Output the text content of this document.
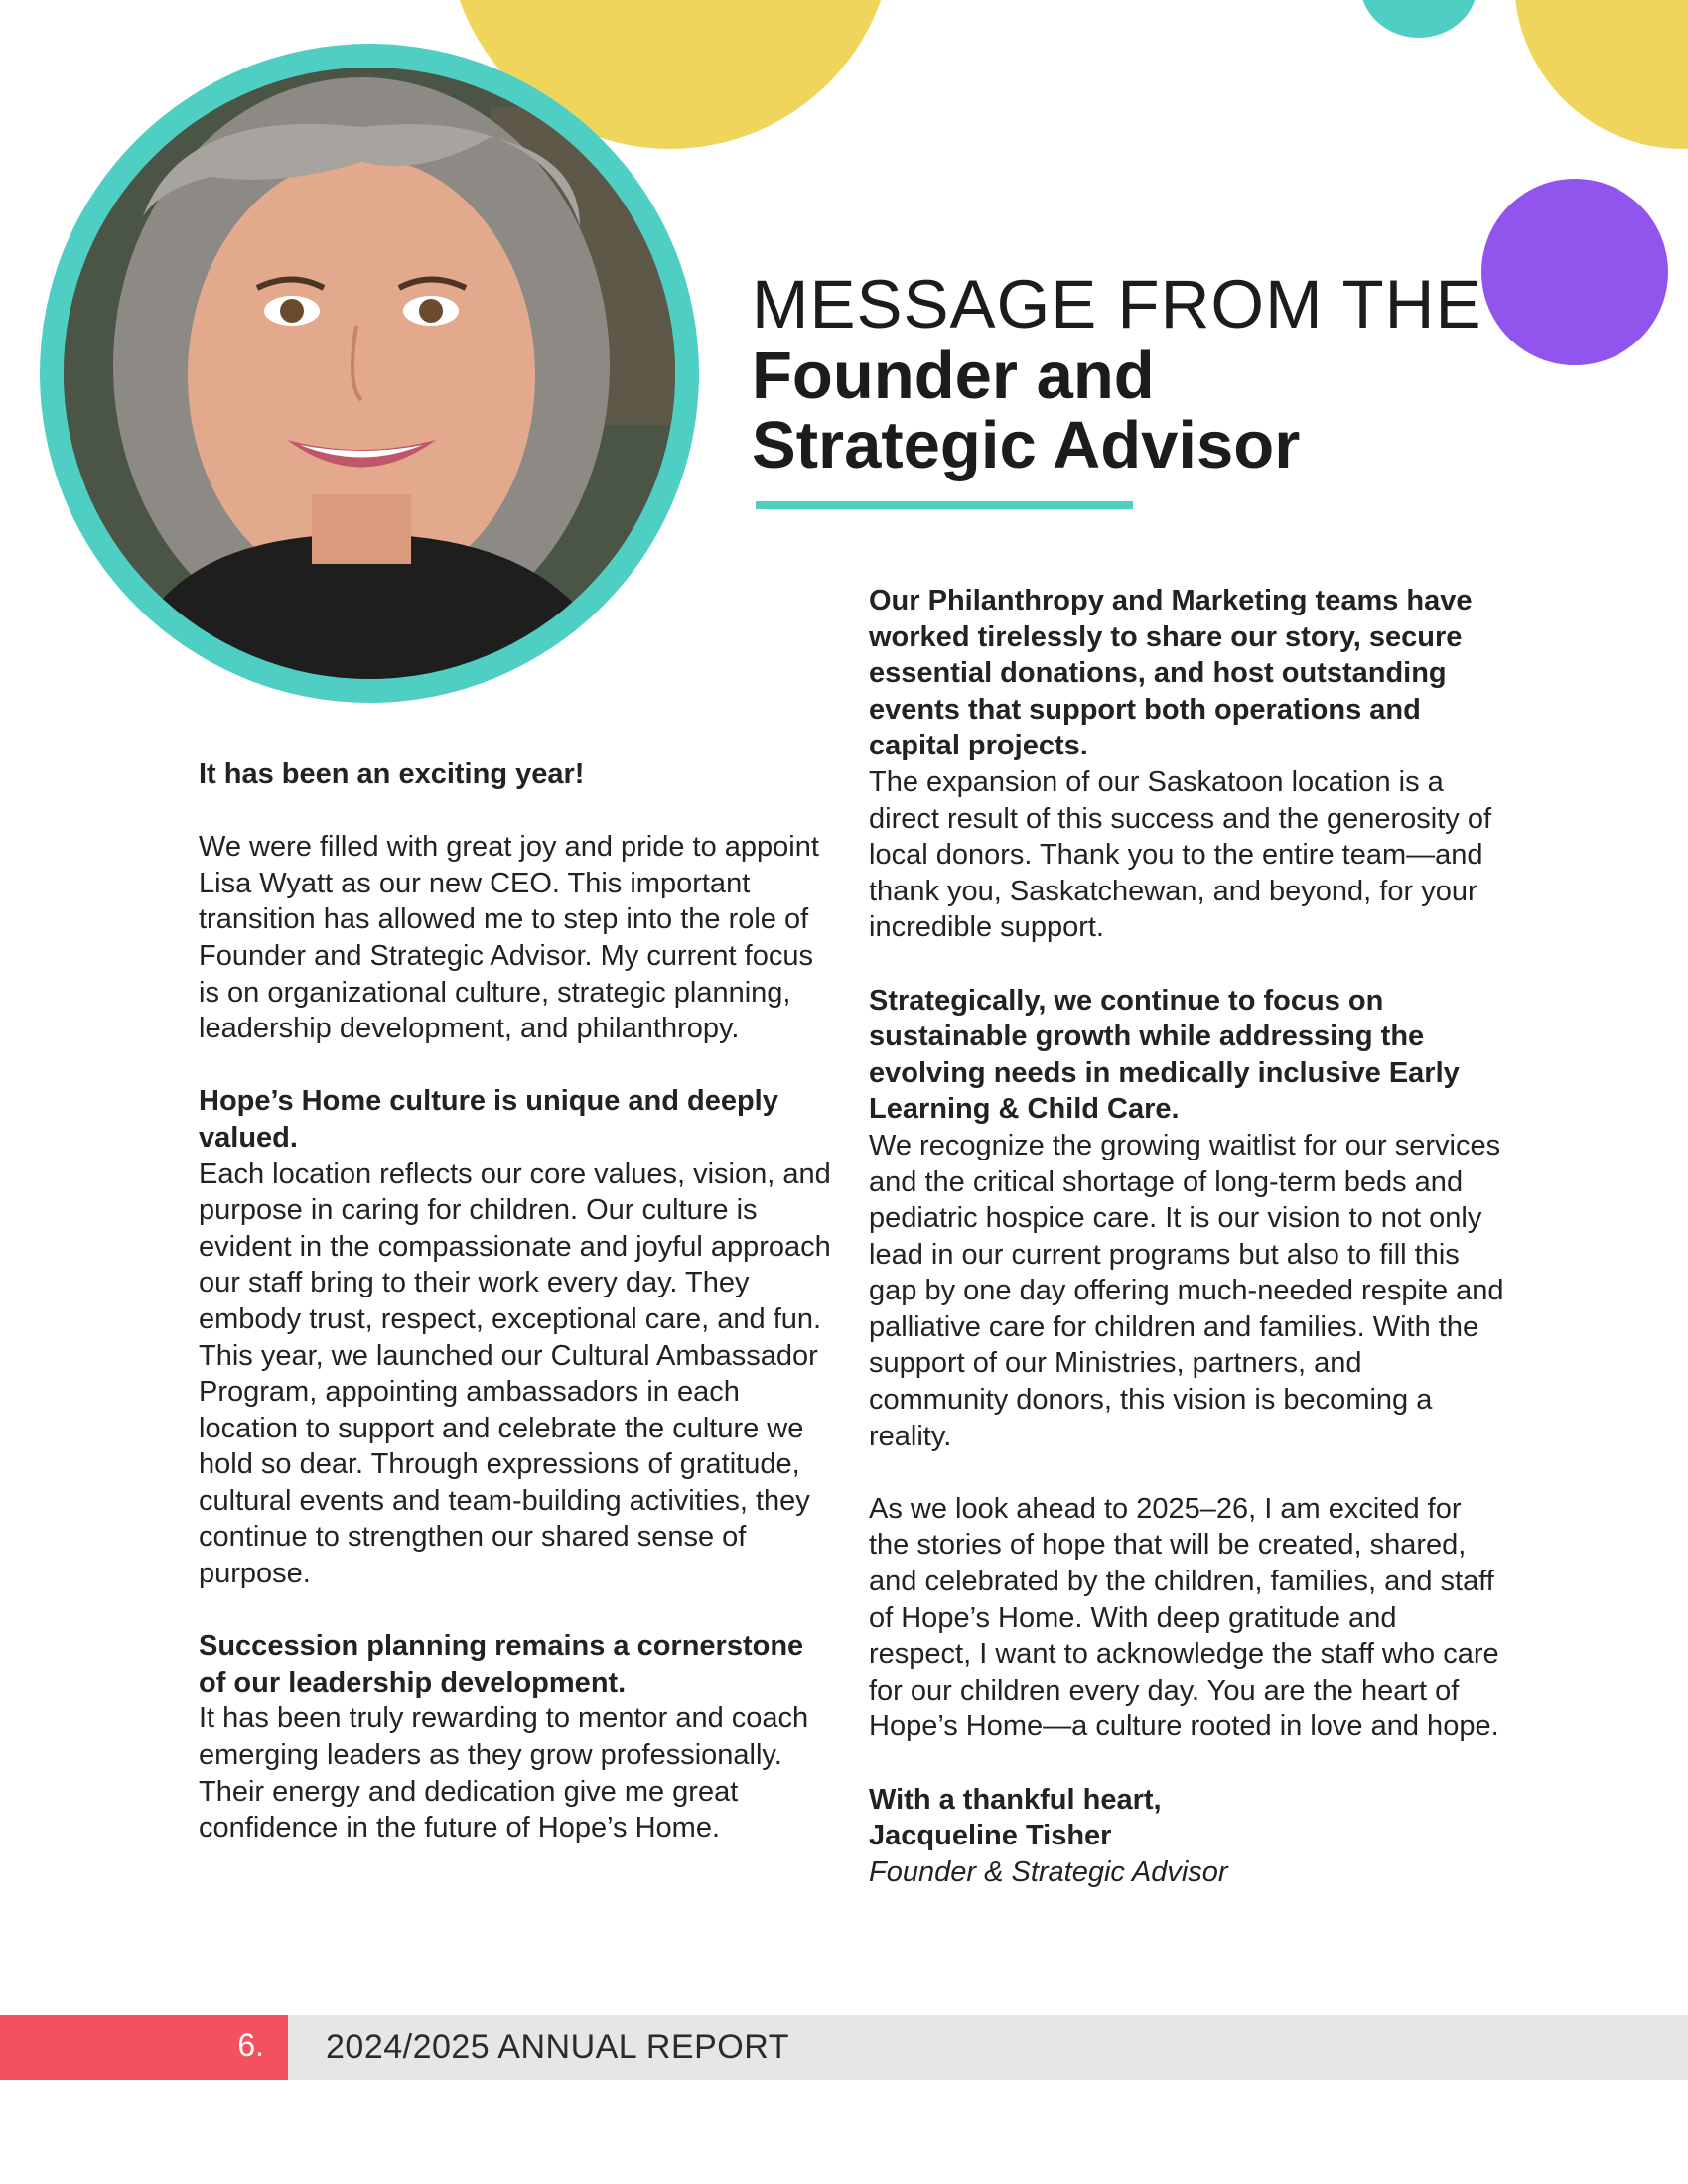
MESSAGE FROM THE
Founder and
Strategic Advisor

It has been an exciting year!

We were filled with great joy and pride to appoint Lisa Wyatt as our new CEO. This important transition has allowed me to step into the role of Founder and Strategic Advisor. My current focus is on organizational culture, strategic planning, leadership development, and philanthropy.

Hope’s Home culture is unique and deeply valued.
Each location reflects our core values, vision, and purpose in caring for children. Our culture is evident in the compassionate and joyful approach our staff bring to their work every day. They embody trust, respect, exceptional care, and fun. This year, we launched our Cultural Ambassador Program, appointing ambassadors in each location to support and celebrate the culture we hold so dear. Through expressions of gratitude, cultural events and team-building activities, they continue to strengthen our shared sense of purpose.

Succession planning remains a cornerstone of our leadership development.
It has been truly rewarding to mentor and coach emerging leaders as they grow professionally. Their energy and dedication give me great confidence in the future of Hope’s Home.

Our Philanthropy and Marketing teams have worked tirelessly to share our story, secure essential donations, and host outstanding events that support both operations and capital projects.
The expansion of our Saskatoon location is a direct result of this success and the generosity of local donors. Thank you to the entire team—and thank you, Saskatchewan, and beyond, for your incredible support.

Strategically, we continue to focus on sustainable growth while addressing the evolving needs in medically inclusive Early Learning & Child Care.
We recognize the growing waitlist for our services and the critical shortage of long-term beds and pediatric hospice care. It is our vision to not only lead in our current programs but also to fill this gap by one day offering much-needed respite and palliative care for children and families. With the support of our Ministries, partners, and community donors, this vision is becoming a reality.

As we look ahead to 2025–26, I am excited for the stories of hope that will be created, shared, and celebrated by the children, families, and staff of Hope’s Home. With deep gratitude and respect, I want to acknowledge the staff who care for our children every day. You are the heart of Hope’s Home—a culture rooted in love and hope.

With a thankful heart,
Jacqueline Tisher
Founder & Strategic Advisor

6. 2024/2025 ANNUAL REPORT
